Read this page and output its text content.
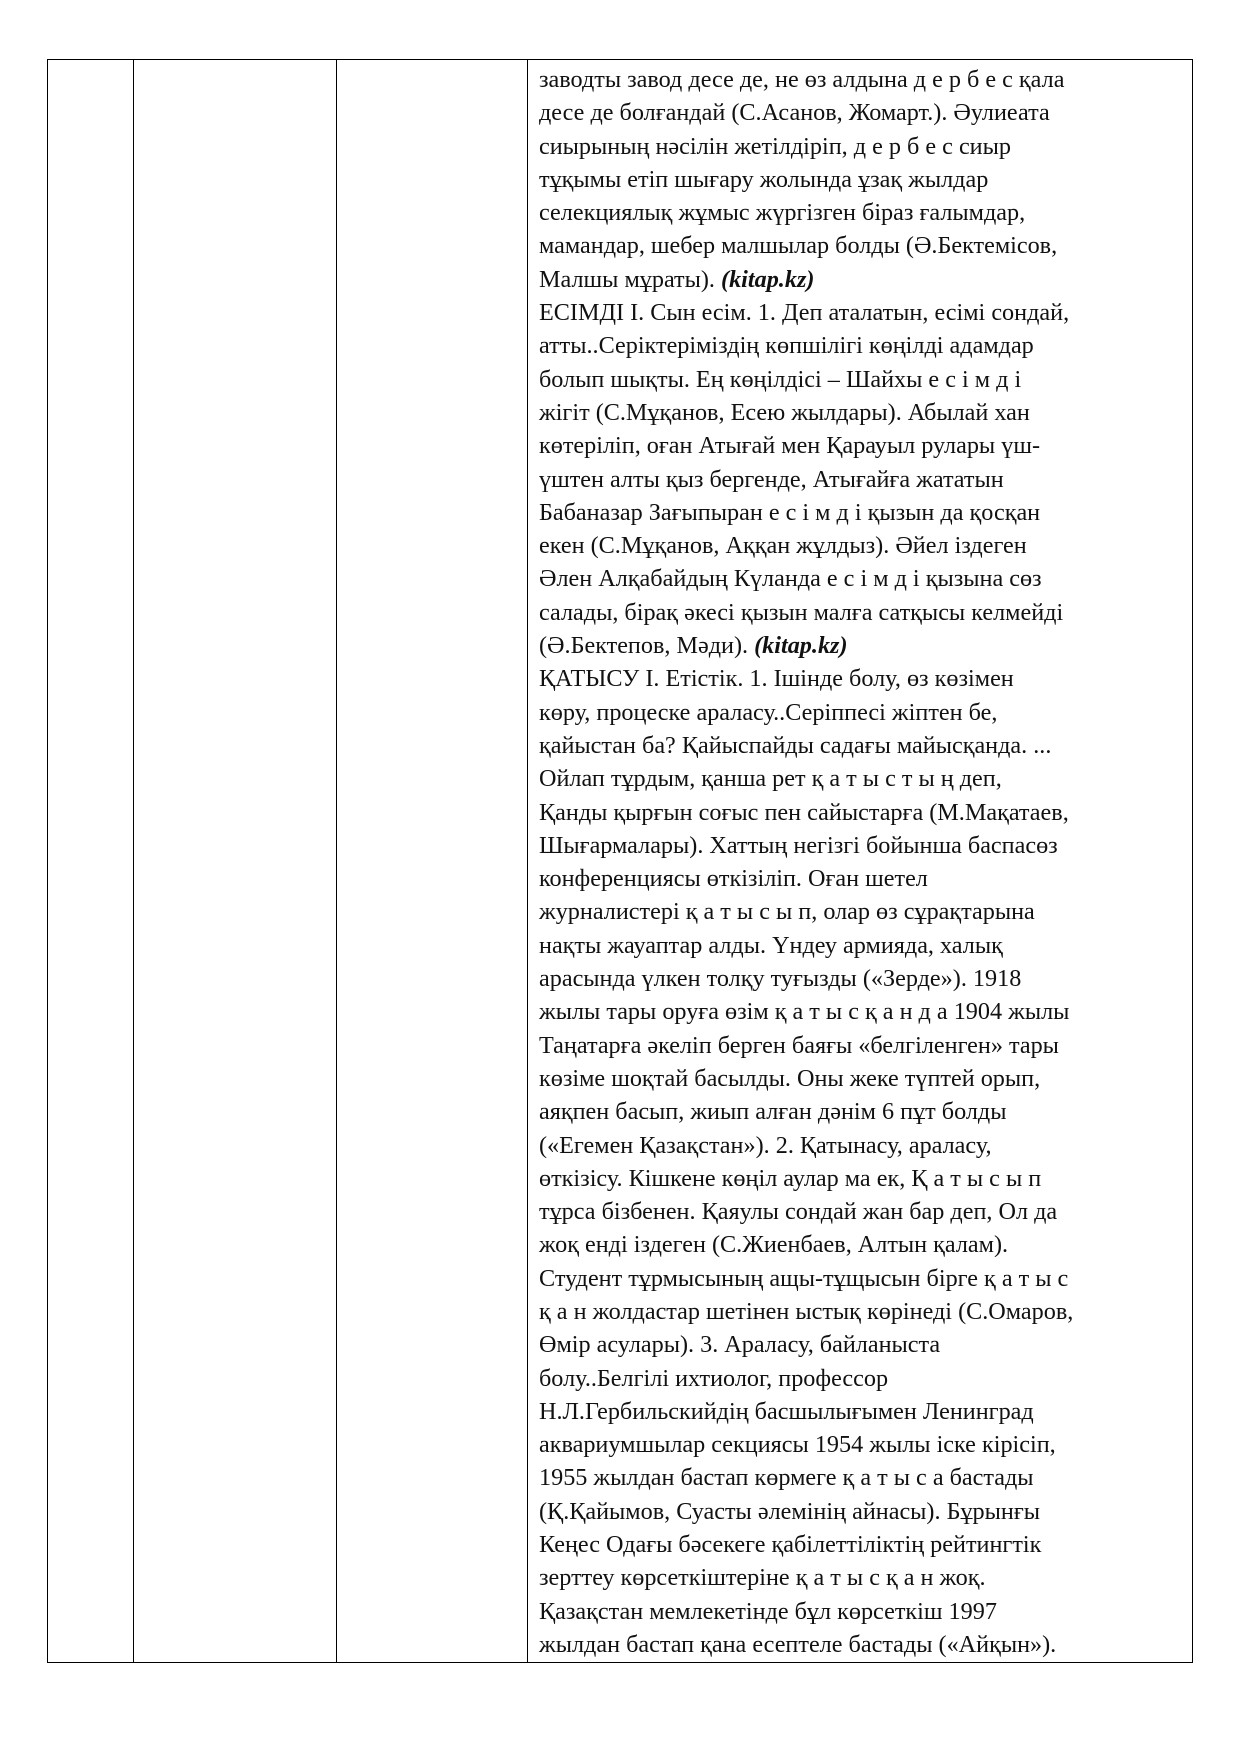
заводты завод десе де, не өз алдына д е р б е с қала

десе де болғандай (С.Асанов, Жомарт.). Әулиеата

сиырының нәсілін жетілдіріп, д е р б е с сиыр

тұқымы етіп шығару жолында ұзақ жылдар

селекциялық жұмыс жүргізген біраз ғалымдар,

мамандар, шебер малшылар болды (Ә.Бектемісов,

Малшы мұраты). (kitap.kz)

ЕСІМДІ І. Сын есім. 1. Деп аталатын, есімі сондай,

атты..Серіктеріміздің көпшілігі көңілді адамдар

болып шықты. Ең көңілдісі – Шайхы е с і м д і

жігіт (С.Мұқанов, Есею жылдары). Абылай хан

көтеріліп, оған Атығай мен Қарауыл рулары үш-

үштен алты қыз бергенде, Атығайға жататын

Бабаназар Зағыпыран е с і м д і қызын да қосқан

екен (С.Мұқанов, Аққан жұлдыз). Әйел іздеген

Әлен Алқабайдың Күланда е с і м д і қызына сөз

салады, бірақ әкесі қызын малға сатқысы келмейді

(Ә.Бектепов, Мәди). (kitap.kz)

ҚАТЫСУ І. Етістік. 1. Ішінде болу, өз көзімен

көру, процеске араласу..Серіппесі жіптен бе,

қайыстан ба? Қайыспайды садағы майысқанда. ...

Ойлап тұрдым, қанша рет қ а т ы с т ы ң деп,

Қанды қырғын соғыс пен сайыстарға (М.Мақатаев,

Шығармалары). Хаттың негізгі бойынша баспасөз

конференциясы өткізіліп. Оған шетел

журналистері қ а т ы с ы п, олар өз сұрақтарына

нақты жауаптар алды. Үндеу армияда, халық

арасында үлкен толқу туғызды («Зерде»). 1918

жылы тары оруға өзім қ а т ы с қ а н д а 1904 жылы

Таңатарға әкеліп берген баяғы «белгіленген» тары

көзіме шоқтай басылды. Оны жеке түптей орып,

аяқпен басып, жиып алған дәнім 6 пұт болды

(«Егемен Қазақстан»). 2. Қатынасу, араласу,

өткізісу. Кішкене көңіл аулар ма ек, Қ а т ы с ы п

тұрса бізбенен. Қаяулы сондай жан бар деп, Ол да

жоқ енді іздеген (С.Жиенбаев, Алтын қалам).

Студент тұрмысының ащы-тұщысын бірге қ а т ы с

қ а н жолдастар шетінен ыстық көрінеді (С.Омаров,

Өмір асулары). 3. Араласу, байланыста

болу..Белгілі ихтиолог, профессор

Н.Л.Гербильскийдің басшылығымен Ленинград

аквариумшылар секциясы 1954 жылы іске кірісіп,

1955 жылдан бастап көрмеге қ а т ы с а бастады

(Қ.Қайымов, Суасты әлемінің айнасы). Бұрынғы

Кеңес Одағы бәсекеге қабілеттіліктің рейтингтік

зерттеу көрсеткіштеріне қ а т ы с қ а н жоқ.

Қазақстан мемлекетінде бұл көрсеткіш 1997

жылдан бастап қана есептеле бастады («Айқын»).
